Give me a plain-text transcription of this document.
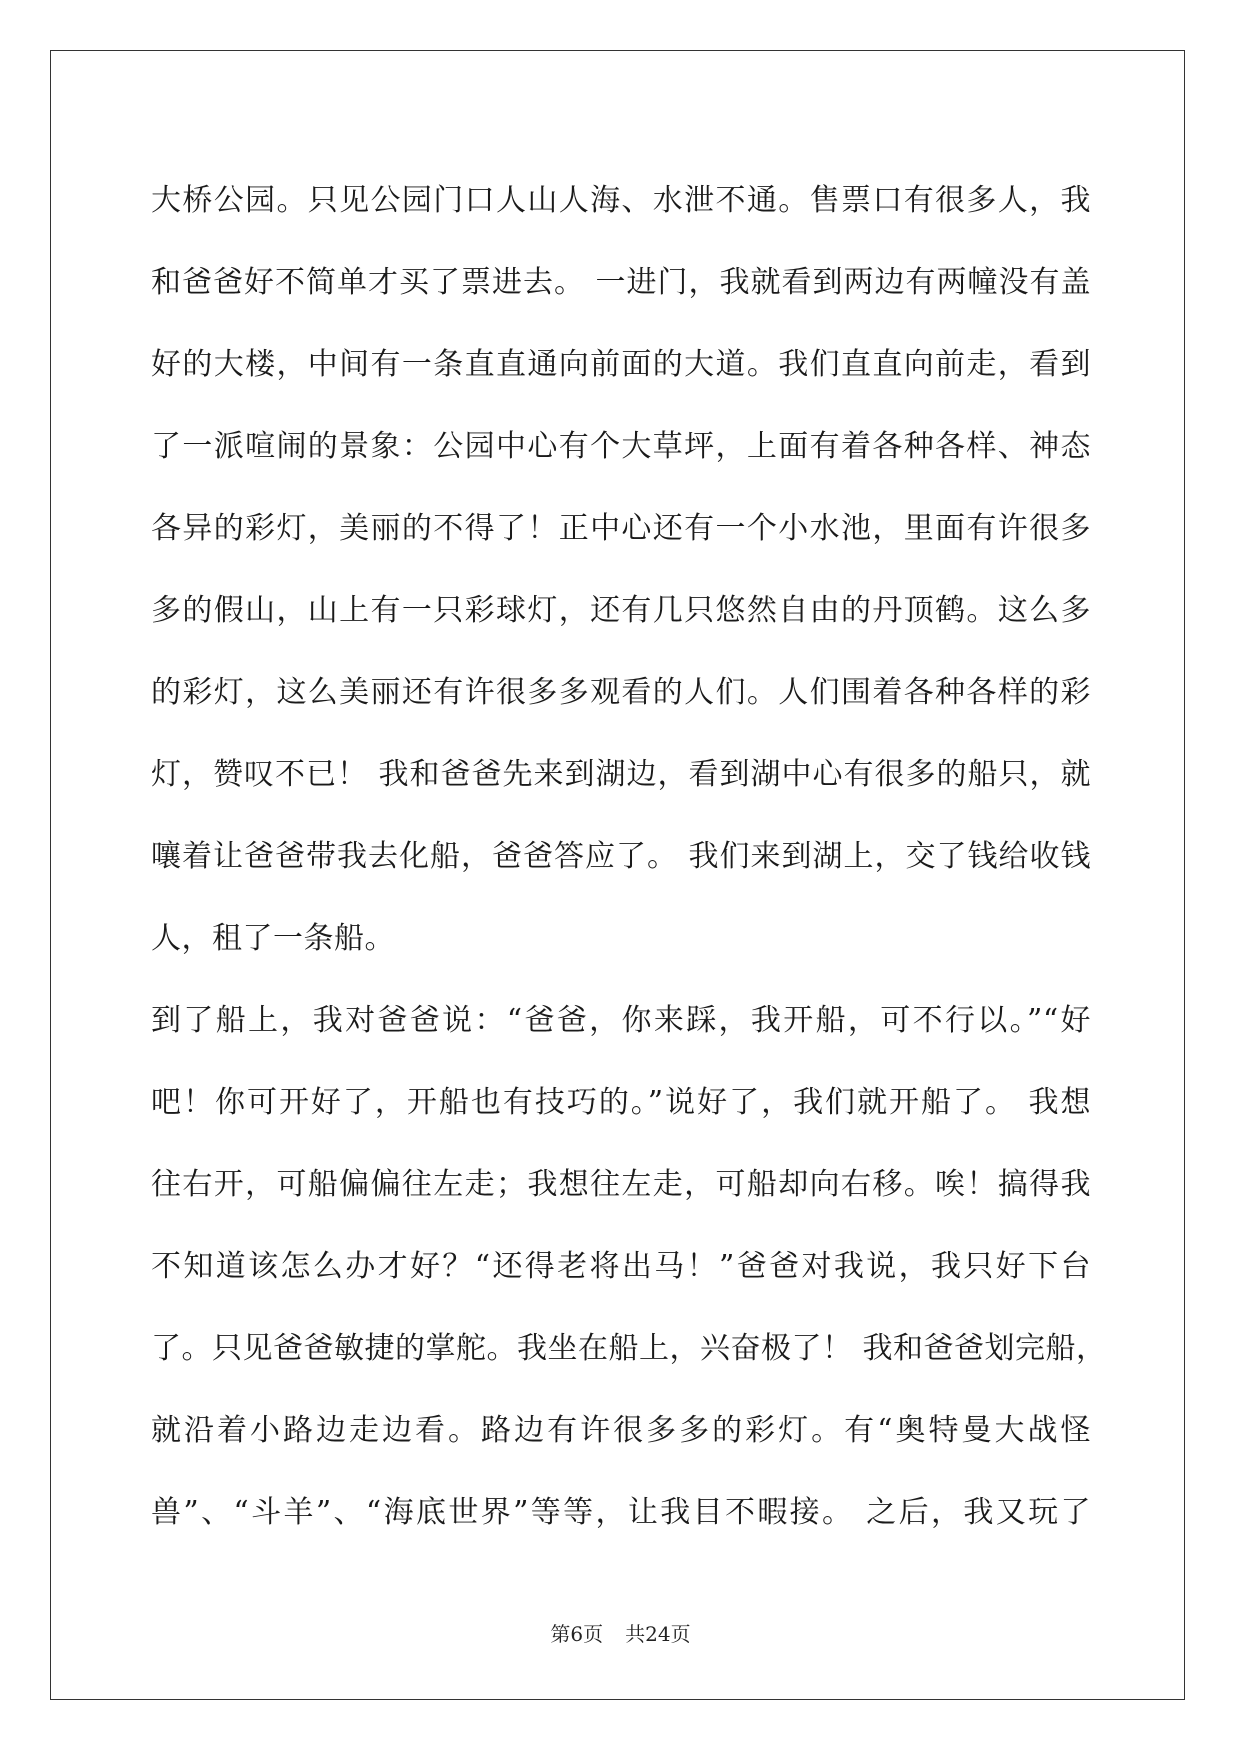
大桥公园。只见公园门口人山人海、水泄不通。售票口有很多人，我
和爸爸好不简单才买了票进去。 一进门，我就看到两边有两幢没有盖
好的大楼，中间有一条直直通向前面的大道。我们直直向前走，看到
了一派喧闹的景象：公园中心有个大草坪，上面有着各种各样、神态
各异的彩灯，美丽的不得了！正中心还有一个小水池，里面有许很多
多的假山，山上有一只彩球灯，还有几只悠然自由的丹顶鹤。这么多
的彩灯，这么美丽还有许很多多观看的人们。人们围着各种各样的彩
灯，赞叹不已！ 我和爸爸先来到湖边，看到湖中心有很多的船只，就
嚷着让爸爸带我去化船，爸爸答应了。 我们来到湖上，交了钱给收钱
人，租了一条船。
到了船上，我对爸爸说：“爸爸，你来踩，我开船，可不行以。”“好
吧！你可开好了，开船也有技巧的。”说好了，我们就开船了。 我想
往右开，可船偏偏往左走；我想往左走，可船却向右移。唉！搞得我
不知道该怎么办才好？“还得老将出马！”爸爸对我说，我只好下台
了。只见爸爸敏捷的掌舵。我坐在船上，兴奋极了！ 我和爸爸划完船，
就沿着小路边走边看。路边有许很多多的彩灯。有“奥特曼大战怪
兽”、“斗羊”、“海底世界”等等，让我目不暇接。 之后，我又玩了
第6页 共24页
